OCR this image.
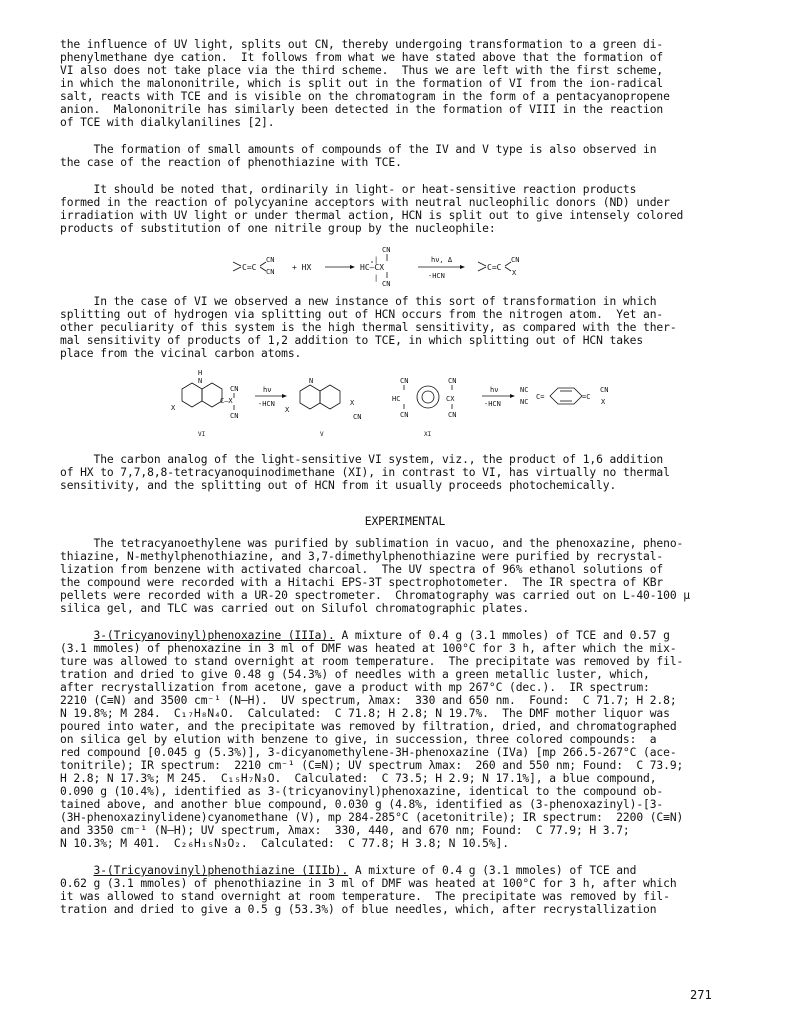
the influence of UV light, splits out CN, thereby undergoing transformation to a green di-
phenylmethane dye cation.  It follows from what we have stated above that the formation of
VI also does not take place via the third scheme.  Thus we are left with the first scheme,
in which the malononitrile, which is split out in the formation of VI from the ion-radical
salt, reacts with TCE and is visible on the chromatogram in the form of a pentacyanopropene
anion.  Malononitrile has similarly been detected in the formation of VIII in the reaction
of TCE with dialkylanilines [2].
The formation of small amounts of compounds of the IV and V type is also observed in
the case of the reaction of phenothiazine with TCE.
It should be noted that, ordinarily in light- or heat-sensitive reaction products
formed in the reaction of polycyanine acceptors with neutral nucleophilic donors (ND) under
irradiation with UV light or under thermal action, HCN is split out to give intensely colored
products of substitution of one nitrile group by the nucleophile:
C=C
CN
CN + HX
CN
HC—CX
CN
|
|
hν, Δ
-HCN
C=C
CN
X
In the case of VI we observed a new instance of this sort of transformation in which
splitting out of hydrogen via splitting out of HCN occurs from the nitrogen atom.  Yet an-
other peculiarity of this system is the high thermal sensitivity, as compared with the ther-
mal sensitivity of products of 1,2 addition to TCE, in which splitting out of HCN takes
place from the vicinal carbon atoms.
H
N
X
CN
C—X
CN
VI
hν
-HCN
N
X
X
CN
V
CN
HC	CX
CN
CN	CN
XI
hν
-HCN
NC
NC
C=	=C
CN
X
The carbon analog of the light-sensitive VI system, viz., the product of 1,6 addition
of HX to 7,7,8,8-tetracyanoquinodimethane (XI), in contrast to VI, has virtually no thermal
sensitivity, and the splitting out of HCN from it usually proceeds photochemically.
EXPERIMENTAL
The tetracyanoethylene was purified by sublimation in vacuo, and the phenoxazine, pheno-
thiazine, N-methylphenothiazine, and 3,7-dimethylphenothiazine were purified by recrystal-
lization from benzene with activated charcoal.  The UV spectra of 96% ethanol solutions of
the compound were recorded with a Hitachi EPS-3T spectrophotometer.  The IR spectra of KBr
pellets were recorded with a UR-20 spectrometer.  Chromatography was carried out on L-40-100 μ
silica gel, and TLC was carried out on Silufol chromatographic plates.
3-(Tricyanovinyl)phenoxazine (IIIa). A mixture of 0.4 g (3.1 mmoles) of TCE and 0.57 g
(3.1 mmoles) of phenoxazine in 3 ml of DMF was heated at 100°C for 3 h, after which the mix-
ture was allowed to stand overnight at room temperature.  The precipitate was removed by fil-
tration and dried to give 0.48 g (54.3%) of needles with a green metallic luster, which,
after recrystallization from acetone, gave a product with mp 267°C (dec.).  IR spectrum:
2210 (C≡N) and 3500 cm⁻¹ (N—H).  UV spectrum, λmax:  330 and 650 nm.  Found:  C 71.7; H 2.8;
N 19.8%; M 284.  C₁₇H₈N₄O.  Calculated:  C 71.8; H 2.8; N 19.7%.  The DMF mother liquor was
poured into water, and the precipitate was removed by filtration, dried, and chromatographed
on silica gel by elution with benzene to give, in succession, three colored compounds:  a
red compound [0.045 g (5.3%)], 3-dicyanomethylene-3H-phenoxazine (IVa) [mp 266.5-267°C (ace-
tonitrile); IR spectrum:  2210 cm⁻¹ (C≡N); UV spectrum λmax:  260 and 550 nm; Found:  C 73.9;
H 2.8; N 17.3%; M 245.  C₁₅H₇N₃O.  Calculated:  C 73.5; H 2.9; N 17.1%], a blue compound,
0.090 g (10.4%), identified as 3-(tricyanovinyl)phenoxazine, identical to the compound ob-
tained above, and another blue compound, 0.030 g (4.8%, identified as (3-phenoxazinyl)-[3-
(3H-phenoxazinylidene)cyanomethane (V), mp 284-285°C (acetonitrile); IR spectrum:  2200 (C≡N)
and 3350 cm⁻¹ (N—H); UV spectrum, λmax:  330, 440, and 670 nm; Found:  C 77.9; H 3.7;
N 10.3%; M 401.  C₂₆H₁₅N₃O₂.  Calculated:  C 77.8; H 3.8; N 10.5%].
3-(Tricyanovinyl)phenothiazine (IIIb). A mixture of 0.4 g (3.1 mmoles) of TCE and
0.62 g (3.1 mmoles) of phenothiazine in 3 ml of DMF was heated at 100°C for 3 h, after which
it was allowed to stand overnight at room temperature.  The precipitate was removed by fil-
tration and dried to give a 0.5 g (53.3%) of blue needles, which, after recrystallization
271
